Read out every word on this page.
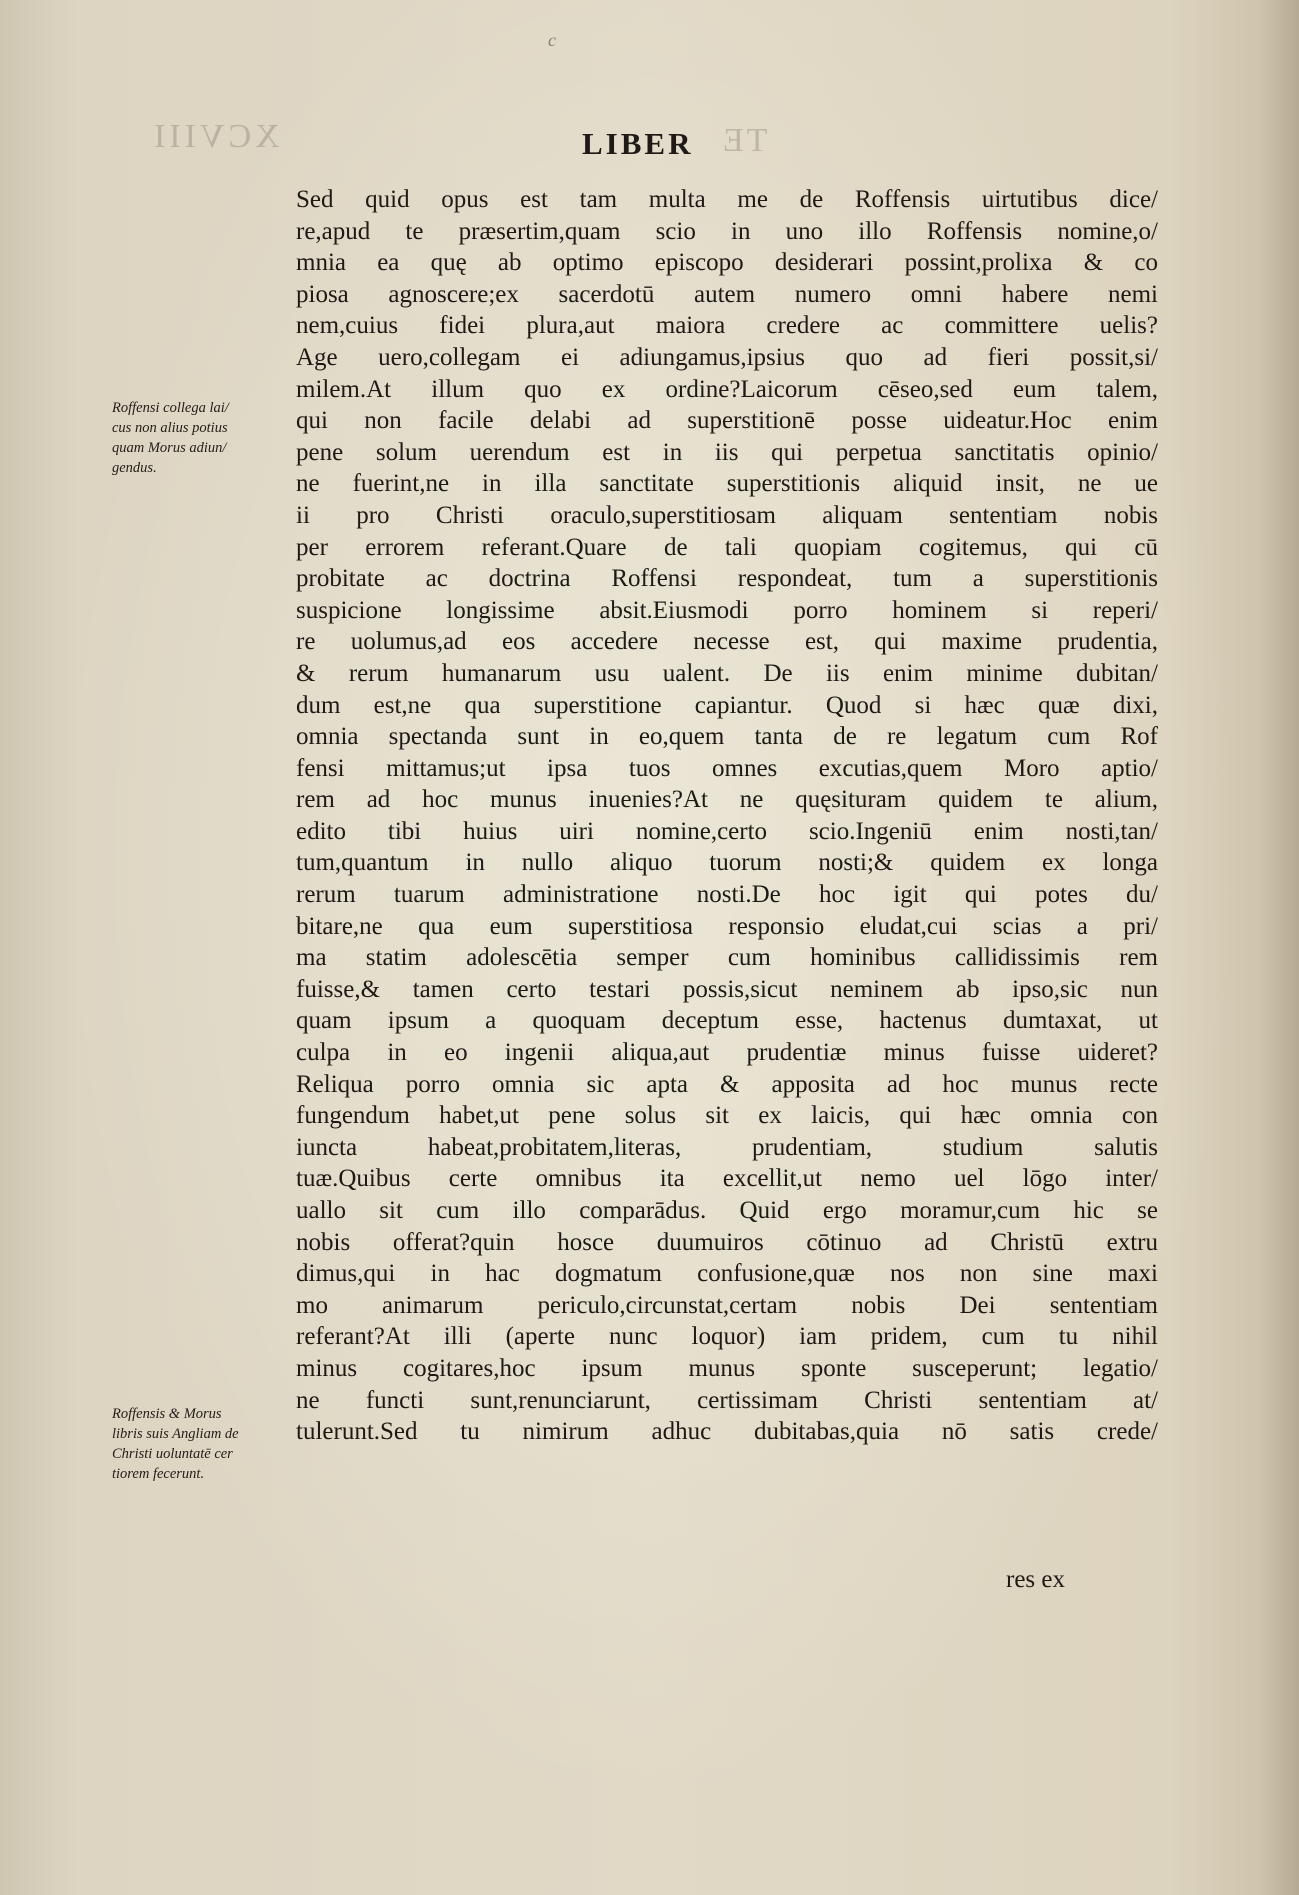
c
XCVIII	TE
LIBER
Sed quid opus est tam multa me de Roffensis uirtutibus dice/
re,apud te præsertim,quam scio in uno illo Roffensis nomine,o/
mnia ea quę ab optimo episcopo desiderari possint,prolixa & co
piosa agnoscere;ex sacerdotū autem numero omni habere nemi
nem,cuius fidei plura,aut maiora credere ac committere uelis?
Age uero,collegam ei adiungamus,ipsius quo ad fieri possit,si/
milem.At illum quo ex ordine?Laicorum cēseo,sed eum talem,
qui non facile delabi ad superstitionē posse uideatur.Hoc enim
pene solum uerendum est in iis qui perpetua sanctitatis opinio/
ne fuerint,ne in illa sanctitate superstitionis aliquid insit, ne ue
ii pro Christi oraculo,superstitiosam aliquam sententiam nobis
per errorem referant.Quare de tali quopiam cogitemus, qui cū
probitate ac doctrina Roffensi respondeat, tum a superstitionis
suspicione longissime absit.Eiusmodi porro hominem si reperi/
re uolumus,ad eos accedere necesse est, qui maxime prudentia,
& rerum humanarum usu ualent. De iis enim minime dubitan/
dum est,ne qua superstitione capiantur. Quod si hæc quæ dixi,
omnia spectanda sunt in eo,quem tanta de re legatum cum Rof
fensi mittamus;ut ipsa tuos omnes excutias,quem Moro aptio/
rem ad hoc munus inuenies?At ne quęsituram quidem te alium,
edito tibi huius uiri nomine,certo scio.Ingeniū enim nosti,tan/
tum,quantum in nullo aliquo tuorum nosti;& quidem ex longa
rerum tuarum administratione nosti.De hoc igit qui potes du/
bitare,ne qua eum superstitiosa responsio eludat,cui scias a pri/
ma statim adolescētia semper cum hominibus callidissimis rem
fuisse,& tamen certo testari possis,sicut neminem ab ipso,sic nun
quam ipsum a quoquam deceptum esse, hactenus dumtaxat, ut
culpa in eo ingenii aliqua,aut prudentiæ minus fuisse uideret?
Reliqua porro omnia sic apta & apposita ad hoc munus recte
fungendum habet,ut pene solus sit ex laicis, qui hæc omnia con
iuncta habeat,probitatem,literas, prudentiam, studium salutis
tuæ.Quibus certe omnibus ita excellit,ut nemo uel lōgo inter/
uallo sit cum illo comparādus. Quid ergo moramur,cum hic se
nobis offerat?quin hosce duumuiros cōtinuo ad Christū extru
dimus,qui in hac dogmatum confusione,quæ nos non sine maxi
mo animarum periculo,circunstat,certam nobis Dei sententiam
referant?At illi (aperte nunc loquor) iam pridem, cum tu nihil
minus cogitares,hoc ipsum munus sponte susceperunt; legatio/
ne functi sunt,renunciarunt, certissimam Christi sententiam at/
tulerunt.Sed tu nimirum adhuc dubitabas,quia nō satis crede/
res ex
Roffensi collega lai/
cus non alius potius
quam Morus adiun/
gendus.
Roffensis & Morus
libris suis Angliam de
Christi uoluntatē cer
tiorem fecerunt.
